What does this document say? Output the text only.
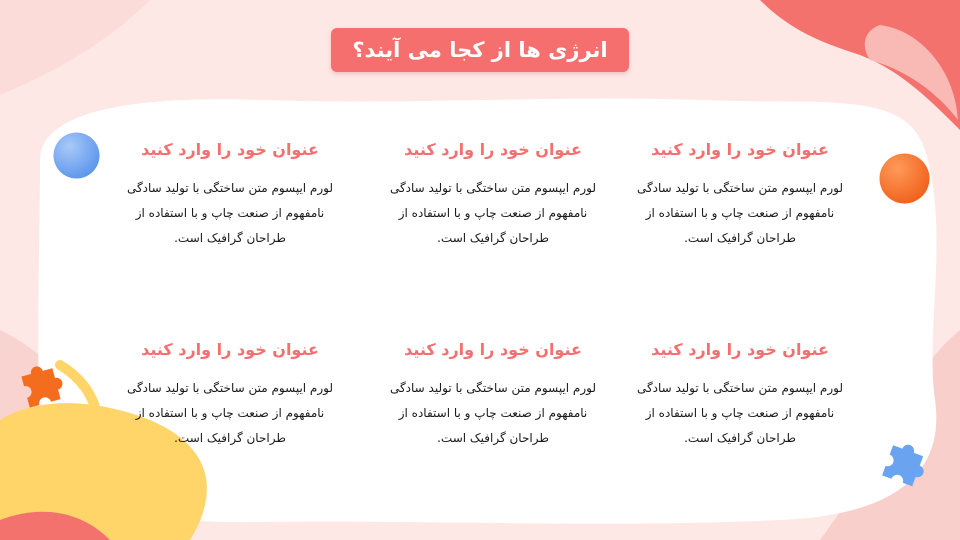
انرژی ها از کجا می آیند؟
عنوان خود را وارد کنید

لورم ایپسوم متن ساختگی با تولید سادگی نامفهوم از صنعت چاپ و با استفاده از طراحان گرافیک است.

عنوان خود را وارد کنید

لورم ایپسوم متن ساختگی با تولید سادگی نامفهوم از صنعت چاپ و با استفاده از طراحان گرافیک است.

عنوان خود را وارد کنید

لورم ایپسوم متن ساختگی با تولید سادگی نامفهوم از صنعت چاپ و با استفاده از طراحان گرافیک است.

عنوان خود را وارد کنید

لورم ایپسوم متن ساختگی با تولید سادگی نامفهوم از صنعت چاپ و با استفاده از طراحان گرافیک است.

عنوان خود را وارد کنید

لورم ایپسوم متن ساختگی با تولید سادگی نامفهوم از صنعت چاپ و با استفاده از طراحان گرافیک است.

عنوان خود را وارد کنید

لورم ایپسوم متن ساختگی با تولید سادگی نامفهوم از صنعت چاپ و با استفاده از طراحان گرافیک است.
